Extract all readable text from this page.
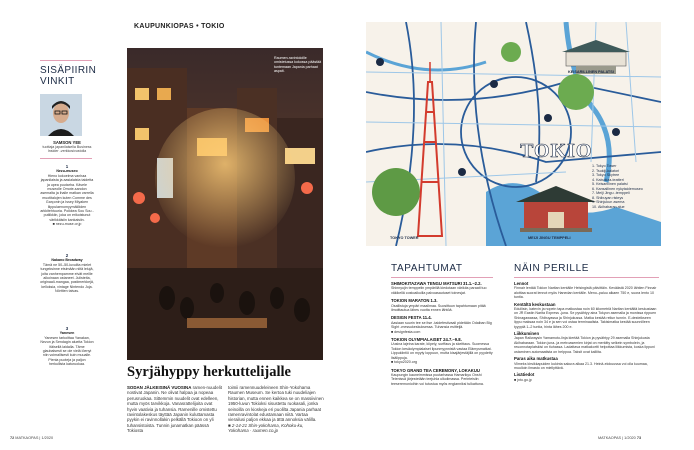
KAUPUNKIOPAS • TOKIO
SISÄPIIRIN VINKIT
SAMSON YEE
tuottaja japanilaisella Business Insider -verkkosivustolla
1
Nezu-museo
Hieno kokoelma vanhaa japanilaista ja aasialaista taidetta ja upea puutarha. Kävele museolle Omote-sandon asemalta ja ihaile matkan varrella muotitalojen kuten Comme des Garçonin ja Issey Miyaken liippulaenomyymälöiden arkkitehtuuria. Poikkea Sou Sou -putiikkiin, joka on erikoistunut värikkäisiin kankaisiin.
■ nezu-muse.or.jp
2
Nakano Broadway
Tämä ne 50–50-luvuilta mielet tungeksinne etsimään niitä lelujä, joita vanhempamme eivät meille aikoinaan ostaneet. Julisteita, originaali-mangaa, postimerkkejä, kelloksia, vintage Nintendo Joja. Nörttien taivas.
3
Yanesen
Yanesen tarkoittaa Yanakan, Nezun ja Sendagin alueita Tokion itäisellä laidalla. Täme glaubalsesti se ole vielä löenyt niin voimallisesti kuin muualle. Pienia puoteja ja paljon herkullista katuruokaa.
Raumen-ravintoloille omistetussa kokossa päästää tuntemaan Japania parhaat aspalt.
Syrjähyppy herkuttelijalle
SODAN JÄLKEISINÄ VUOSINA ramen-nuudelit nostivat Japanin. Ne olivat halpaa ja nopeaa perusruokaa. Sittemmin nuudelit ovat edelleen, mutta myös tarvikkoja. Vanasrattelijoita ovat hyvin vaativia ja tuhansia. Ramenille omistettu ravintolakeskus täyttää Japanin kuluttamasta pyykin ei ravinnollakin pelkällä Tokioon on yli tuhansistoista. Tunnin junamatkan päässä Tokiosta
toimii ramennuudeleineen Shin-Yokohama Raumen Museum. Se kertoa tuki nuudeliajen historian, mutta ennen kaikkea se on massiivinen 1950-luvun Tokioksi sisustettu ruokasali, jonka seinoilla on kioskeja eri puolilta Japania parhaat ramenravintolat edustamaan niitä. Vartaa vierailusi paljon ekkaa ja ättä annoksia välilla.
■ 2-14-21 Shin-yokohama, Kohoku-ku, Yokohama · raumen.co.jp
72 MATKAOPAS | 1/2020
TOKIO
KEISARILLINEN PALATSI
TOKYO TOWER	MEIJI JINGU TEMPPELI
1. Tokyo Tower
2. Tsukiji-kalatori
3. Tokyo Skytree
4. Kabukiza-teatteri
5. Keisarillinen palatsi
6. Kansallinen nykytaidemuseo
7. Meiji Jingu -temppeli
8. Shibuyan risteys
9. Shinjukun asema
10. Akihabaran alue
TAPAHTUMAT
SHIMOKITAZAWA TENGU MATSURI 31.1.–2.2.
Shinnyujin temppelin ympärillä kiedotaan värikäs paraati tuo väkikellä costoaikuilla palvoasautuset toinesjat.
TOKION MARATON 1.3.
Osallistuja ympäri maailmaa. Suosittuun tapahtumaan pitää ilmoittautua lähes vuotta ennen lähtöä.
DESIGN FESTA 11.4.
Aasiaan suurin tee se itse -taidefestivaali pidetään Odaiban Big Sight -messukeskuksessa. Tuhansia esitteijä.
■ designfesta.com
TOKION OLYMPIALAISET 24.7.–9.8.
Uusina lajeina karate, kiipely, surffaus ja skeittaus. Suomessa Tokion kesäolympialaiset lipunmyynnistä vastaa Elämysmatkat. Lippukiintiö on myyty loppuun, mutta kisajärjestäjillä on pyydetty lisälippuja.
■ tokyo2020.org
TOKYO GRAND TEA CEREMONY, LOKAKUU
Kaupungin kauneimmissa puutarhassa Hamarikyu Onshi Teienissä järjestetään teejuhla ulkoilmassa. Perinteisiin teeseremonioihin voi tutustua myös englanniksi tulkattuna.
NÄIN PERILLE
Lennot
Finnair lentää Tokion Naritan kentälle Helsingistä päivittäin. Keväästä 2020 lähtien Finnair aloittaa suorat lennot myös Hanedan kentälle. Meno–paluu alkaen 750 e, suora lento 10 tuntia.
Kentältä keskustaan
Edullisin, katevin ja nopein tapa matkustaa noin 60 kilometriä Naritan kentältä keskustaan on JR Eastin Narita Express -juna. Se pysähtyy aina Tokyon asemalla ja monissa rippuen Shinagawassa, Shibuyassa ja Shinjukussa. Matka kestää reilun tunnin. E-desteikseen lippu maksaa noin 34 e ja sen voi ostaa terminaalista. Takisimatka kestää suunnilleen tyyppiä 1–2 tuntia, hinta lähes 200 e.
Liikkuminen
Japan Railwaysin Yamamoto-linja kiertää Tokion ja pysähtyy 29 asemalla Shinjukusta Akihabaraan. Tokion juna- ja metroasemien kirjat on merkitty selkein symbolein, ja reuonnotaplatskisi on tiuhassa. Ladattava matkakortti helpottaa liikkumista, koska lippuni ostaminen automaatista on helppoa. Taksit ovat kalliita.
Paras aika matkustaa
Viimeks kirsikkapuiden kukinta sakura alkaa 21.3. Heinä-elokuussa voi olla kuumaa, muulloin ilmasto on miellyttävä.
Lisätiedot
■ jnto.go.jp
MATKAOPAS | 1/2020 73
